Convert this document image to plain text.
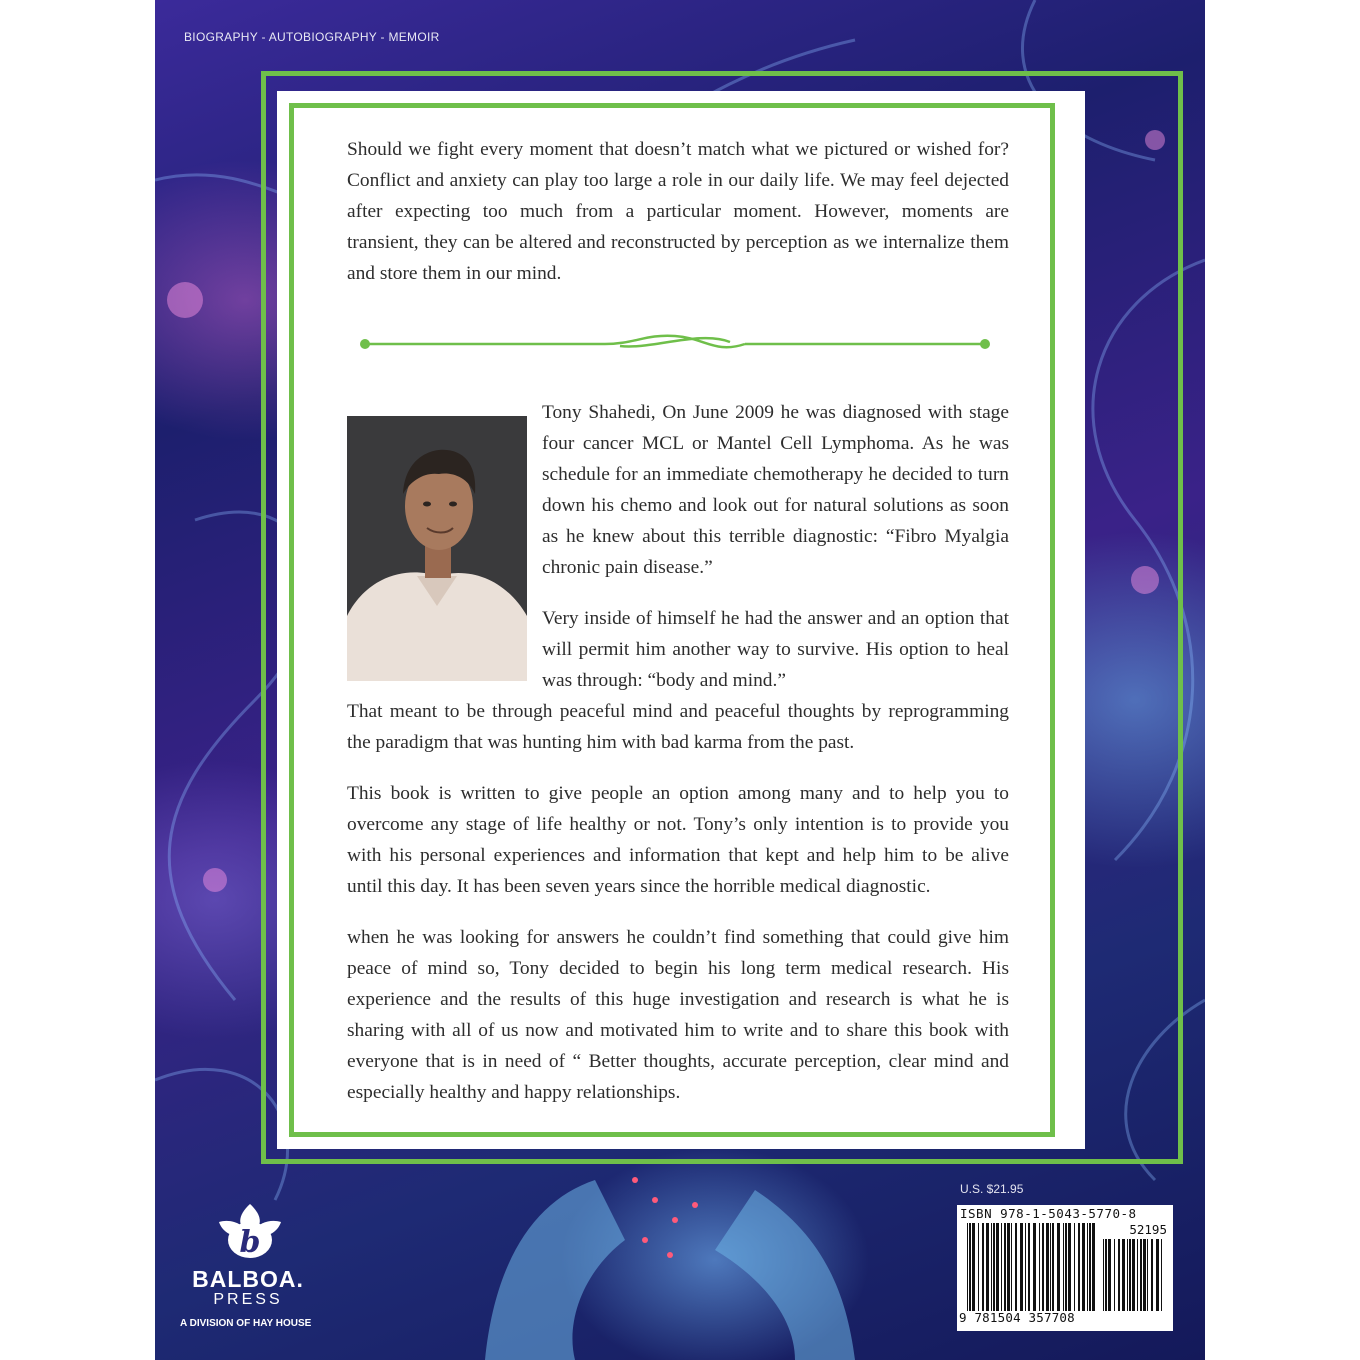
BIOGRAPHY - AUTOBIOGRAPHY - MEMOIR

Should we fight every moment that doesn’t match what we pictured or wished for? Conflict and anxiety can play too large a role in our daily life. We may feel dejected after expecting too much from a particular moment. However, moments are transient, they can be altered and reconstructed by perception as we internalize them and store them in our mind.

Tony Shahedi, On June 2009 he was diagnosed with stage four cancer MCL or Mantel Cell Lymphoma. As he was schedule for an immediate chemotherapy he decided to turn down his chemo and look out for natural solutions as soon as he knew about this terrible diagnostic: “Fibro Myalgia chronic pain disease.”

Very inside of himself he had the answer and an option that will permit him another way to survive. His option to heal was through: “body and mind.”

That meant to be through peaceful mind and peaceful thoughts by reprogramming the paradigm that was hunting him with bad karma from the past.

This book is written to give people an option among many and to help you to overcome any stage of life healthy or not. Tony’s only intention is to provide you with his personal experiences and information that kept and help him to be alive until this day. It has been seven years since the horrible medical diagnostic.

when he was looking for answers he couldn’t find something that could give him peace of mind so, Tony decided to begin his long term medical research. His experience and the results of this huge investigation and research is what he is sharing with all of us now and motivated him to write and to share this book with everyone that is in need of “ Better thoughts, accurate perception, clear mind and especially healthy and happy relationships.

b
BALBOA.
PRESS
A DIVISION OF HAY HOUSE
U.S. $21.95
ISBN 978-1-5043-5770-8
52195
9 781504 357708
